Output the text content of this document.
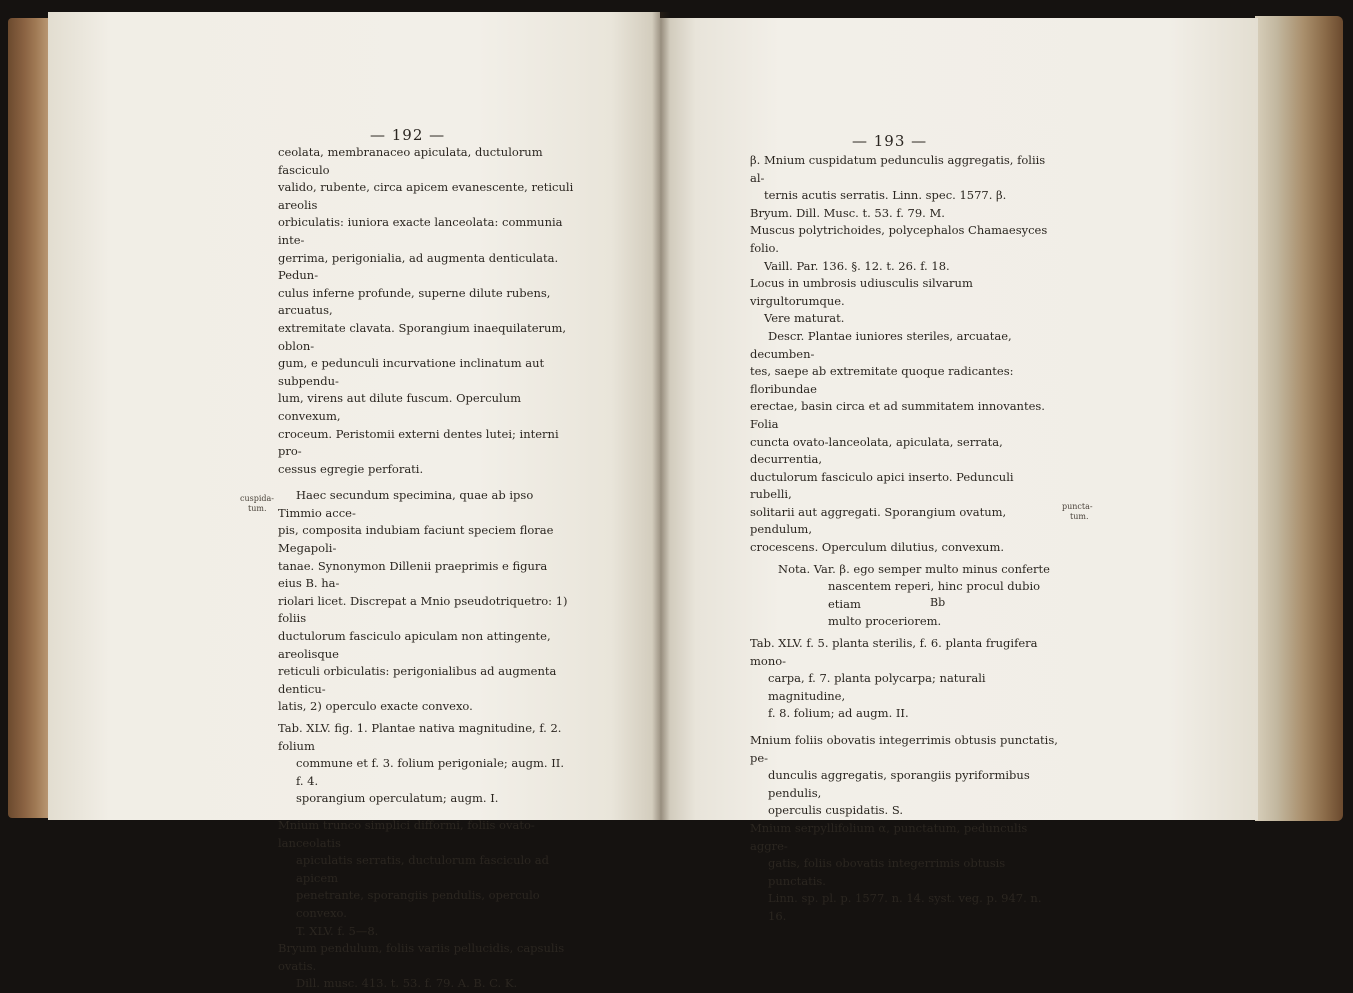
— 192 —

ceolata, membranaceo apiculata, ductulorum fasciculo

valido, rubente, circa apicem evanescente, reticuli areolis

orbiculatis: iuniora exacte lanceolata: communia inte-

gerrima, perigonialia, ad augmenta denticulata. Pedun-

culus inferne profunde, superne dilute rubens, arcuatus,

extremitate clavata. Sporangium inaequilaterum, oblon-

gum, e pedunculi incurvatione inclinatum aut subpendu-

lum, virens aut dilute fuscum. Operculum convexum,

croceum. Peristomii externi dentes lutei; interni pro-

cessus egregie perforati.

Haec secundum specimina, quae ab ipso Timmio acce-

pis, composita indubiam faciunt speciem florae Megapoli-

tanae. Synonymon Dillenii praeprimis e figura eius B. ha-

riolari licet. Discrepat a Mnio pseudotriquetro: 1) foliis

ductulorum fasciculo apiculam non attingente, areolisque

reticuli orbiculatis: perigonialibus ad augmenta denticu-

latis, 2) operculo exacte convexo.

Tab. XLV. fig. 1. Plantae nativa magnitudine, f. 2. folium

commune et f. 3. folium perigoniale; augm. II. f. 4.

sporangium operculatum; augm. I.

Mnium trunco simplici difformi, foliis ovato-lanceolatis

apiculatis serratis, ductulorum fasciculo ad apicem

penetrante, sporangiis pendulis, operculo convexo.

T. XLV. f. 5—8.

Bryum pendulum, foliis variis pellucidis, capsulis ovatis.

Dill. musc. 413. t. 53. f. 79. A. B. C. K.

cuspida-
tum.
— 193 —

β. Mnium cuspidatum pedunculis aggregatis, foliis al-

ternis acutis serratis. Linn. spec. 1577. β.

Bryum. Dill. Musc. t. 53. f. 79. M.

Muscus polytrichoides, polycephalos Chamaesyces folio.

Vaill. Par. 136. §. 12. t. 26. f. 18.

Locus in umbrosis udiusculis silvarum virgultorumque.

Vere maturat.

Descr. Plantae iuniores steriles, arcuatae, decumben-

tes, saepe ab extremitate quoque radicantes: floribundae

erectae, basin circa et ad summitatem innovantes. Folia

cuncta ovato-lanceolata, apiculata, serrata, decurrentia,

ductulorum fasciculo apici inserto. Pedunculi rubelli,

solitarii aut aggregati. Sporangium ovatum, pendulum,

crocescens. Operculum dilutius, convexum.

Nota. Var. β. ego semper multo minus conferte

nascentem reperi, hinc procul dubio etiam

multo proceriorem.

Tab. XLV. f. 5. planta sterilis, f. 6. planta frugifera mono-

carpa, f. 7. planta polycarpa; naturali magnitudine,

f. 8. folium; ad augm. II.

Mnium foliis obovatis integerrimis obtusis punctatis, pe-

dunculis aggregatis, sporangiis pyriformibus pendulis,

operculis cuspidatis. S.

Mnium serpyllifolium α, punctatum, pedunculis aggre-

gatis, foliis obovatis integerrimis obtusis punctatis.

Linn. sp. pl. p. 1577. n. 14. syst. veg. p. 947. n. 16.

puncta-
tum.
Bb
